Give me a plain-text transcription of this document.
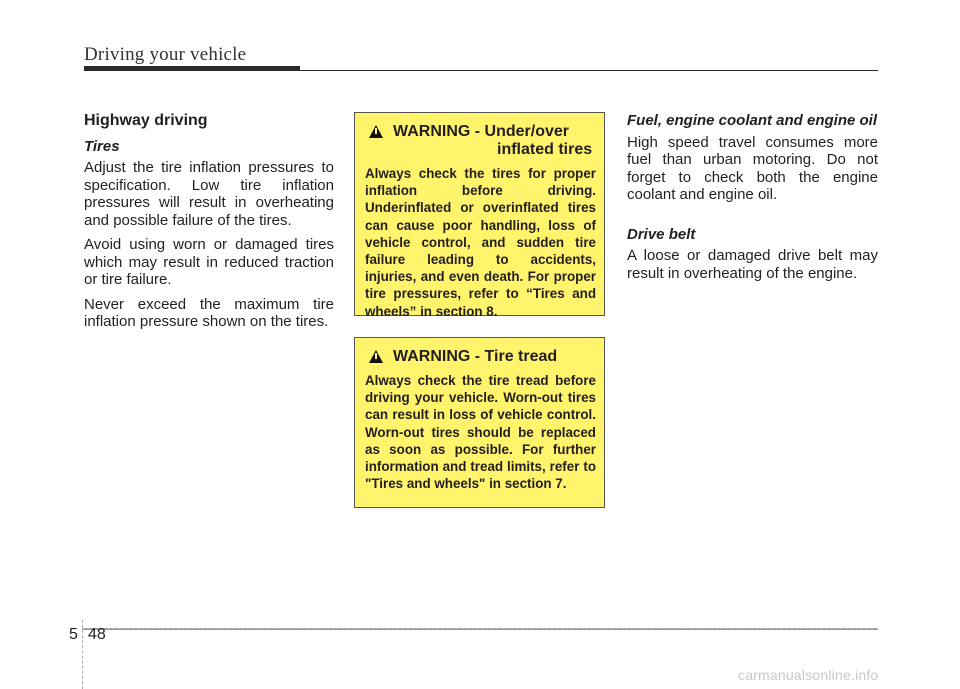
Driving your vehicle
Highway driving
Tires

Adjust the tire inflation pressures to specification. Low tire inflation pressures will result in overheating and possible failure of the tires.

Avoid using worn or damaged tires which may result in reduced traction or tire failure.

Never exceed the maximum tire inflation pressure shown on the tires.

WARNING - Under/over
inflated tires
Always check the tires for proper inflation before driving. Underinflated or overinflated tires can cause poor handling, loss of vehicle control, and sudden tire failure leading to accidents, injuries, and even death. For proper tire pressures, refer to “Tires and wheels” in section 8.
WARNING - Tire tread
Always check the tire tread before driving your vehicle. Worn-out tires can result in loss of vehicle control. Worn-out tires should be replaced as soon as possible. For further information and tread limits, refer to "Tires and wheels" in section 7.
Fuel, engine coolant and engine oil

High speed travel consumes more fuel than urban motoring. Do not forget to check both the engine coolant and engine oil.

Drive belt

A loose or damaged drive belt may result in overheating of the engine.

5 48
carmanualsonline.info
